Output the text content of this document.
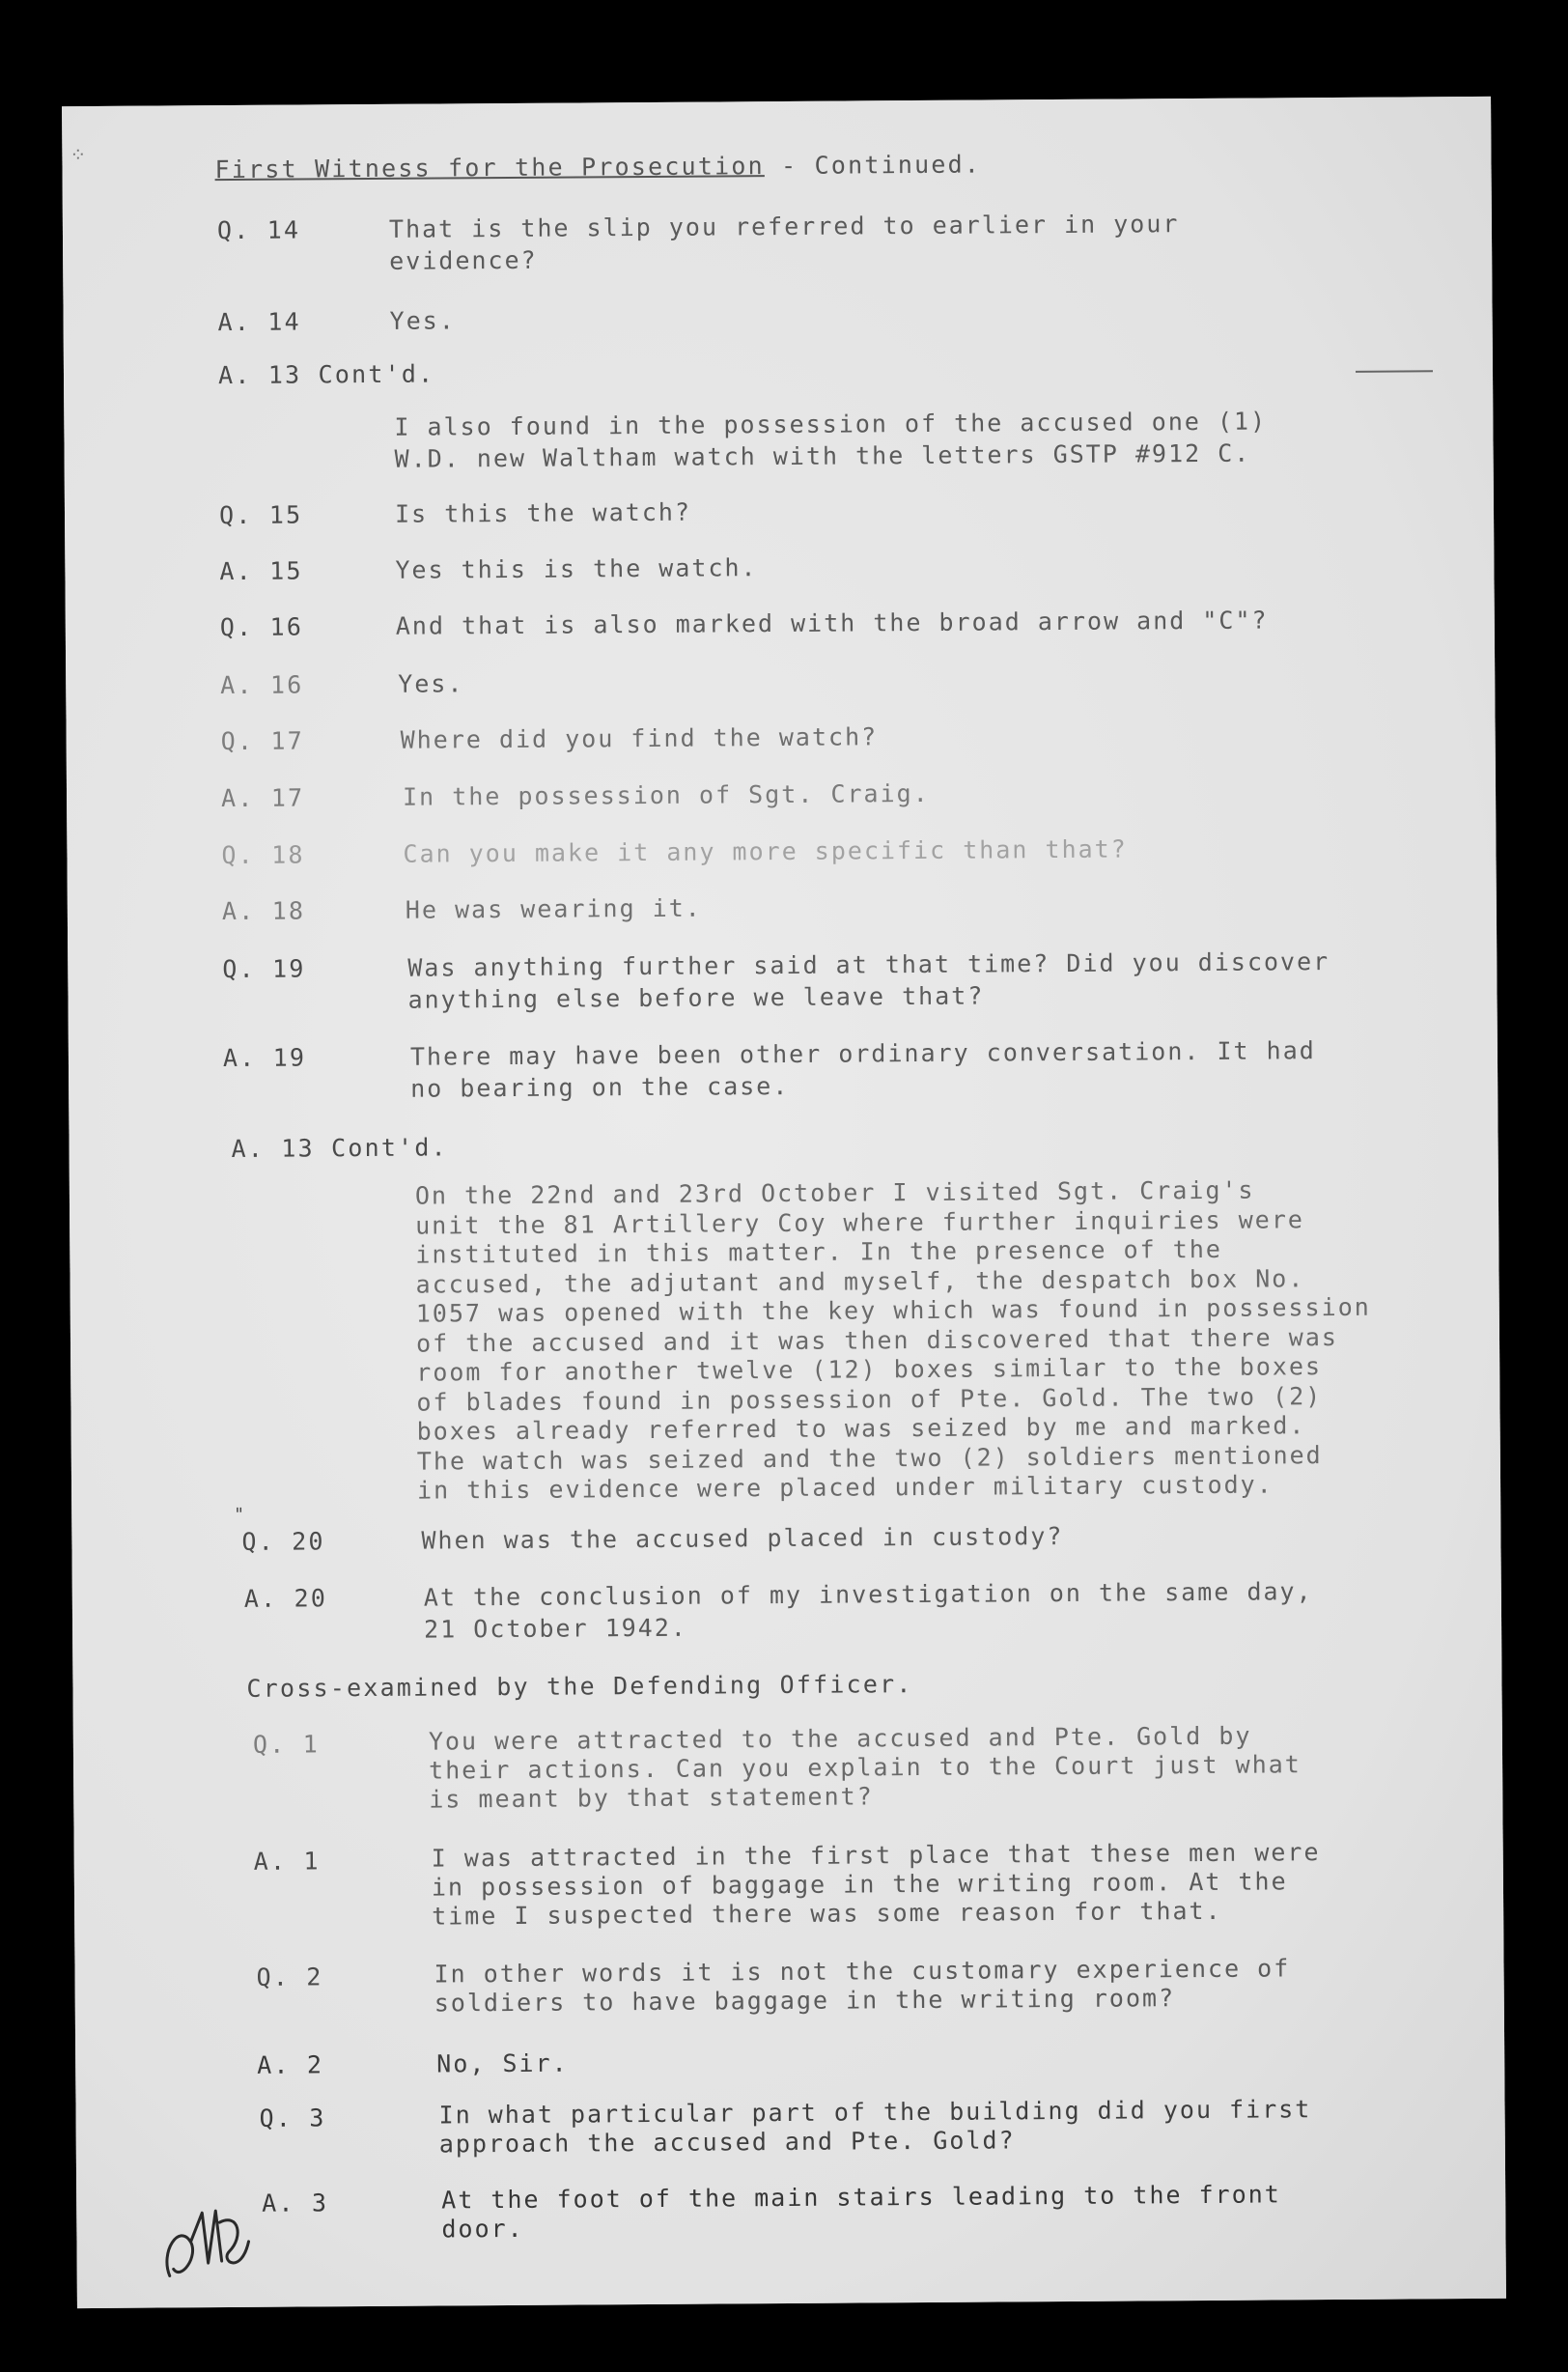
⁘	First Witness for the Prosecution - Continued.
Q. 14	That is the slip you referred to earlier in your
evidence?
A. 14	Yes.
A. 13 Cont'd.
I also found in the possession of the accused one (1)
W.D. new Waltham watch with the letters GSTP #912 C.
Q. 15	Is this the watch?
A. 15	Yes this is the watch.
Q. 16	And that is also marked with the broad arrow and "C"?
A. 16	Yes.
Q. 17	Where did you find the watch?
A. 17	In the possession of Sgt. Craig.
Q. 18	Can you make it any more specific than that?
A. 18	He was wearing it.
Q. 19	Was anything further said at that time? Did you discover
anything else before we leave that?
A. 19	There may have been other ordinary conversation. It had
no bearing on the case.
A. 13 Cont'd.
On the 22nd and 23rd October I visited Sgt. Craig's
unit the 81 Artillery Coy where further inquiries were
instituted in this matter. In the presence of the
accused, the adjutant and myself, the despatch box No.
1057 was opened with the key which was found in possession
of the accused and it was then discovered that there was
room for another twelve (12) boxes similar to the boxes
of blades found in possession of Pte. Gold. The two (2)
boxes already referred to was seized by me and marked.
The watch was seized and the two (2) soldiers mentioned
in this evidence were placed under military custody.
"
Q. 20	When was the accused placed in custody?
A. 20	At the conclusion of my investigation on the same day,
21 October 1942.
Cross-examined by the Defending Officer.
Q. 1	You were attracted to the accused and Pte. Gold by
their actions. Can you explain to the Court just what
is meant by that statement?
A. 1	I was attracted in the first place that these men were
in possession of baggage in the writing room. At the
time I suspected there was some reason for that.
Q. 2	In other words it is not the customary experience of
soldiers to have baggage in the writing room?
A. 2	No, Sir.
Q. 3	In what particular part of the building did you first
approach the accused and Pte. Gold?
A. 3	At the foot of the main stairs leading to the front
door.
